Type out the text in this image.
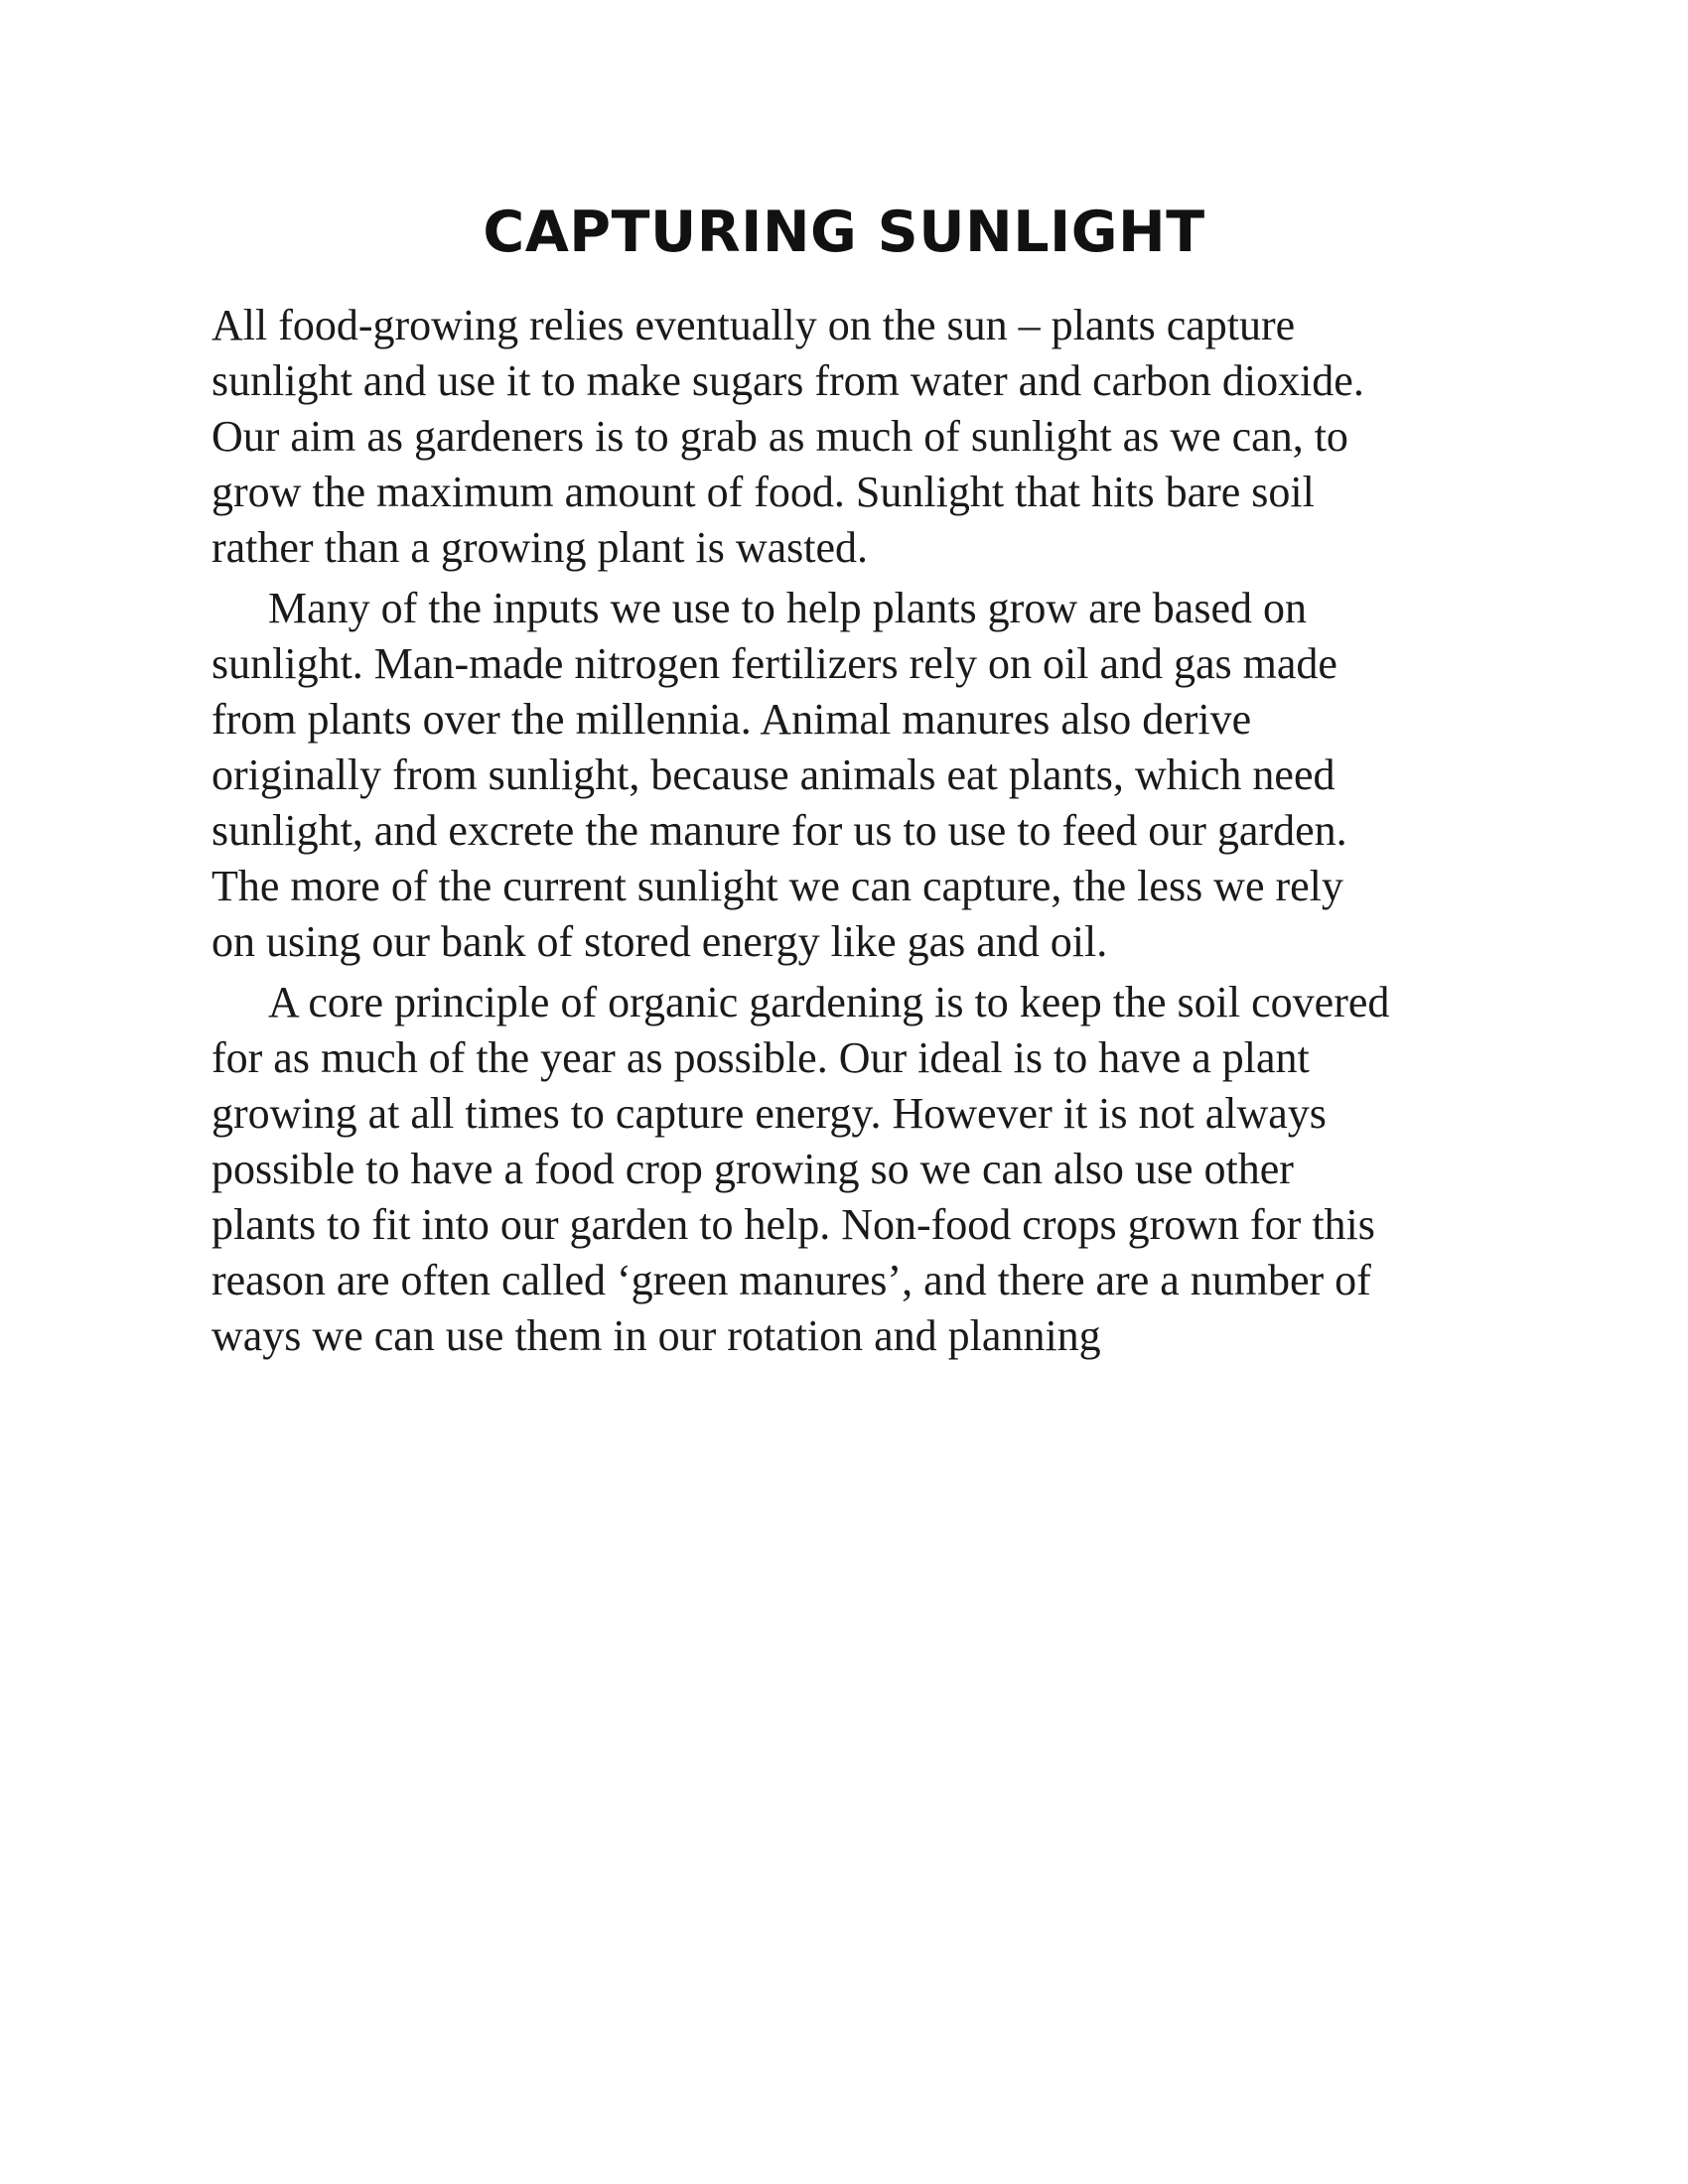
CAPTURING SUNLIGHT

All food-growing relies eventually on the sun – plants capture
sunlight and use it to make sugars from water and carbon dioxide.
Our aim as gardeners is to grab as much of sunlight as we can, to
grow the maximum amount of food. Sunlight that hits bare soil
rather than a growing plant is wasted.

Many of the inputs we use to help plants grow are based on
sunlight. Man-made nitrogen fertilizers rely on oil and gas made
from plants over the millennia. Animal manures also derive
originally from sunlight, because animals eat plants, which need
sunlight, and excrete the manure for us to use to feed our garden.
The more of the current sunlight we can capture, the less we rely
on using our bank of stored energy like gas and oil.

A core principle of organic gardening is to keep the soil covered
for as much of the year as possible. Our ideal is to have a plant
growing at all times to capture energy. However it is not always
possible to have a food crop growing so we can also use other
plants to fit into our garden to help. Non-food crops grown for this
reason are often called ‘green manures’, and there are a number of
ways we can use them in our rotation and planning
